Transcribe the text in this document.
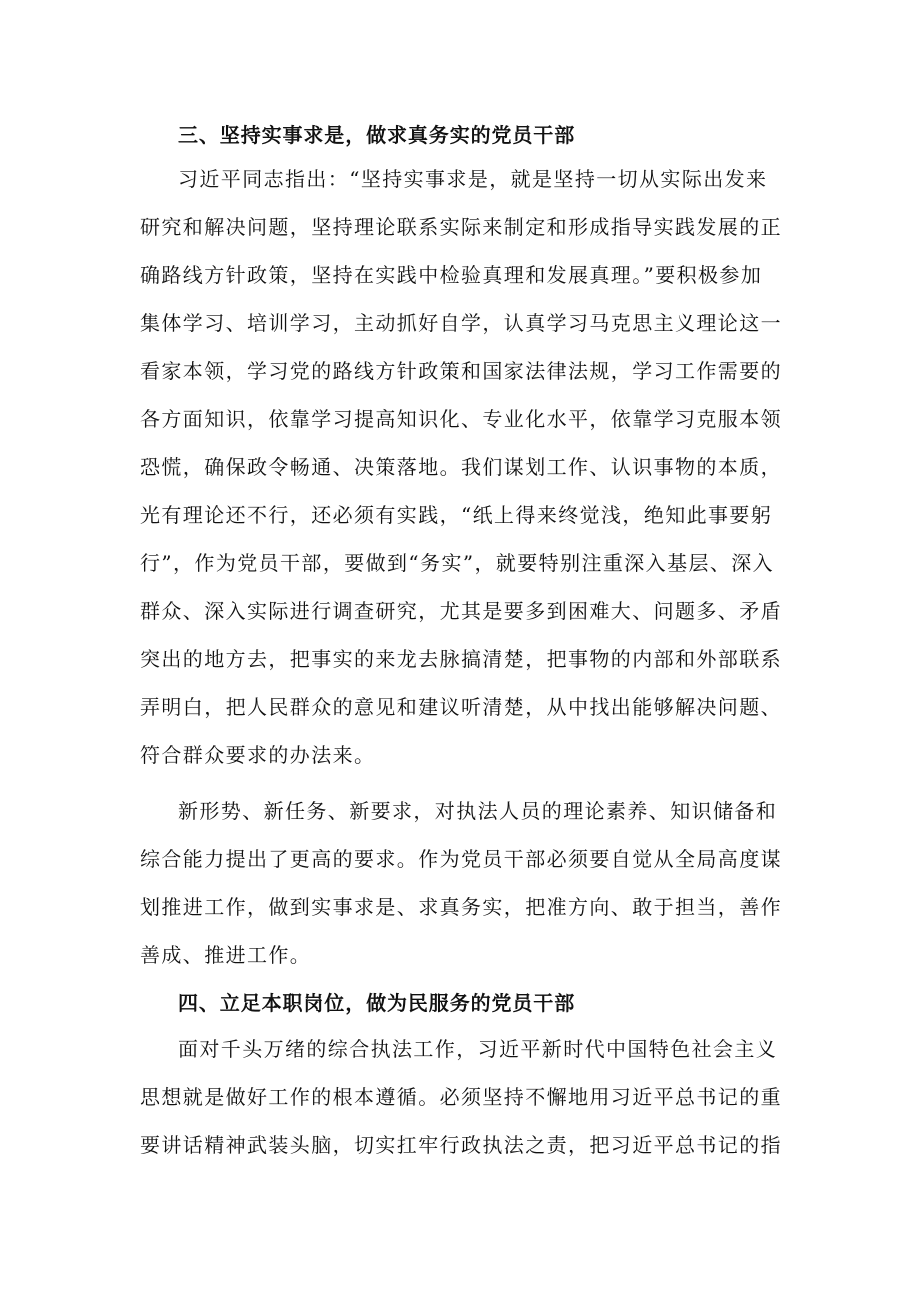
三、坚持实事求是，做求真务实的党员干部
习近平同志指出：“坚持实事求是，就是坚持一切从实际出发来
研究和解决问题，坚持理论联系实际来制定和形成指导实践发展的正
确路线方针政策，坚持在实践中检验真理和发展真理。”要积极参加
集体学习、培训学习，主动抓好自学，认真学习马克思主义理论这一
看家本领，学习党的路线方针政策和国家法律法规，学习工作需要的
各方面知识，依靠学习提高知识化、专业化水平，依靠学习克服本领
恐慌，确保政令畅通、决策落地。我们谋划工作、认识事物的本质，
光有理论还不行，还必须有实践，“纸上得来终觉浅，绝知此事要躬
行”，作为党员干部，要做到“务实”，就要特别注重深入基层、深入
群众、深入实际进行调查研究，尤其是要多到困难大、问题多、矛盾
突出的地方去，把事实的来龙去脉搞清楚，把事物的内部和外部联系
弄明白，把人民群众的意见和建议听清楚，从中找出能够解决问题、
符合群众要求的办法来。
新形势、新任务、新要求，对执法人员的理论素养、知识储备和
综合能力提出了更高的要求。作为党员干部必须要自觉从全局高度谋
划推进工作，做到实事求是、求真务实，把准方向、敢于担当，善作
善成、推进工作。
四、立足本职岗位，做为民服务的党员干部
面对千头万绪的综合执法工作，习近平新时代中国特色社会主义
思想就是做好工作的根本遵循。必须坚持不懈地用习近平总书记的重
要讲话精神武装头脑，切实扛牢行政执法之责，把习近平总书记的指
